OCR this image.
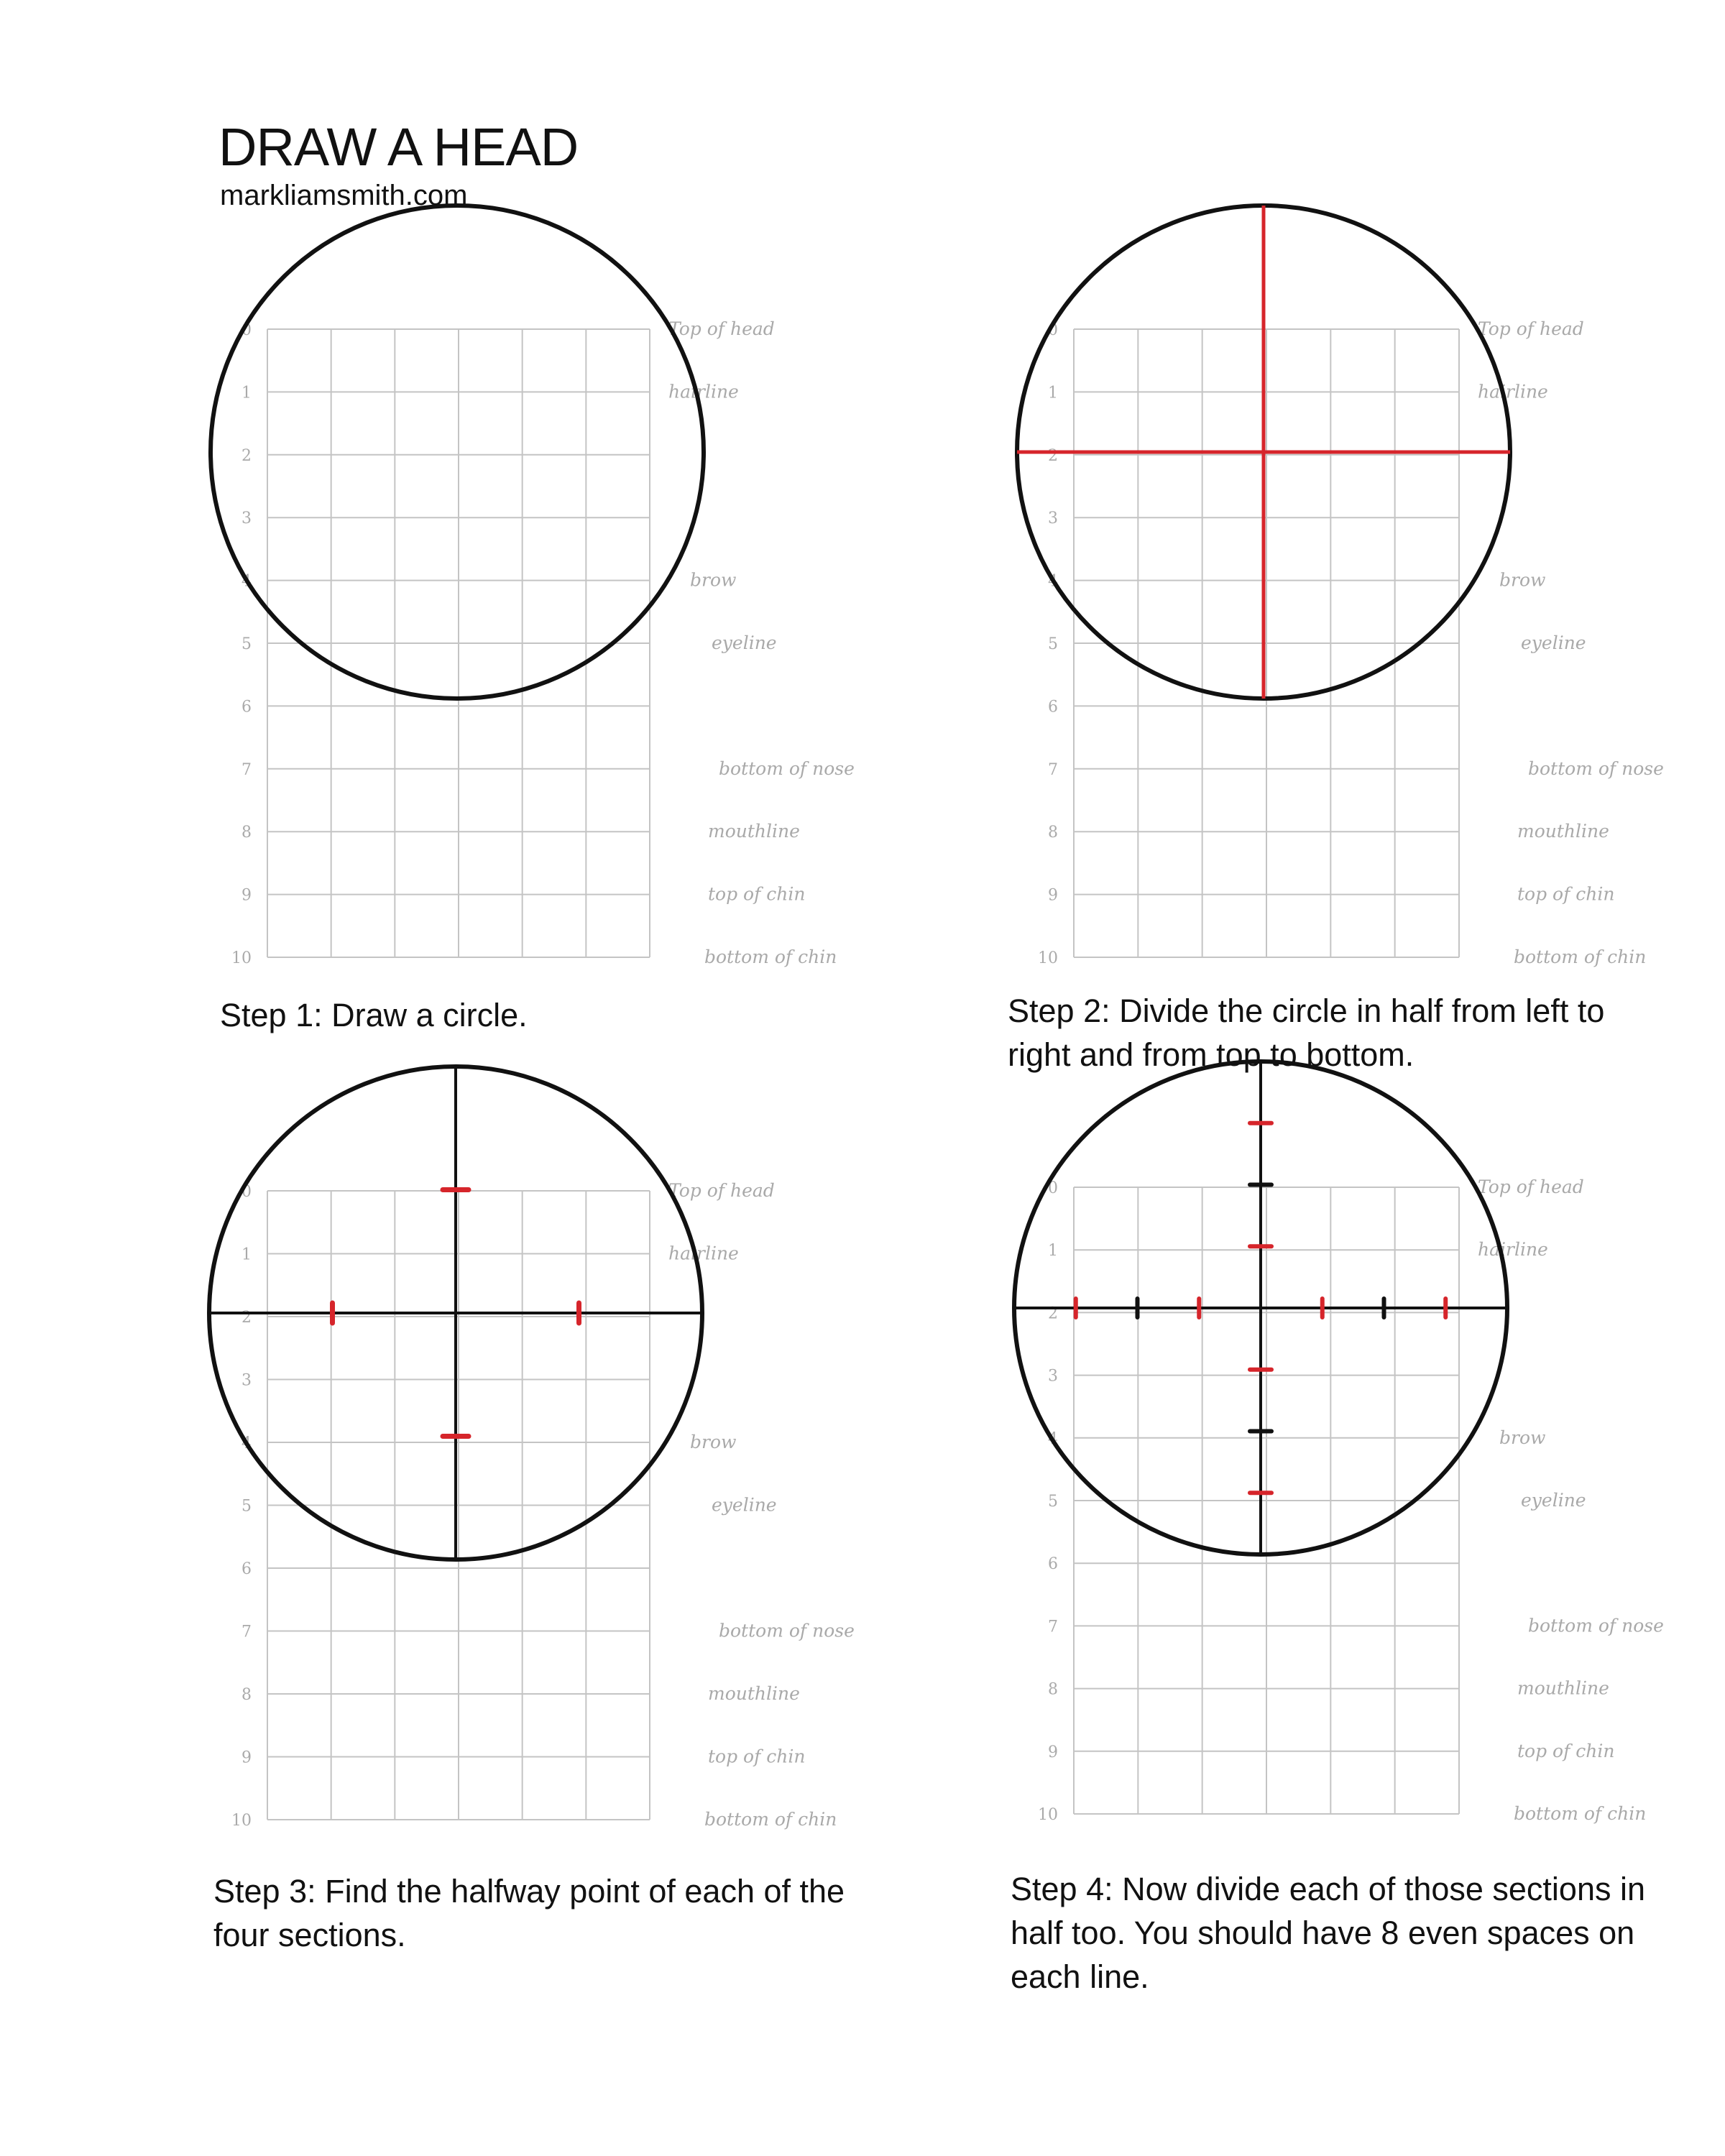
DRAW A HEAD
markliamsmith.com
0
1
2
3
4
5
6
7
8
9
10
Top of head
hairline
brow
eyeline
bottom of nose
mouthline
top of chin
bottom of chin
0
1
2
3
4
5
6
7
8
9
10
Top of head
hairline
brow
eyeline
bottom of nose
mouthline
top of chin
bottom of chin
0
1
2
3
4
5
6
7
8
9
10
Top of head
hairline
brow
eyeline
bottom of nose
mouthline
top of chin
bottom of chin
0
1
2
3
4
5
6
7
8
9
10
Top of head
hairline
brow
eyeline
bottom of nose
mouthline
top of chin
bottom of chin
Step 1: Draw a circle.	Step 2: Divide the circle in half from left to right and from top to bottom.
Step 3: Find the halfway point of each of the four sections.
Step 4: Now divide each of those sections in half too. You should have 8 even spaces on each line.
